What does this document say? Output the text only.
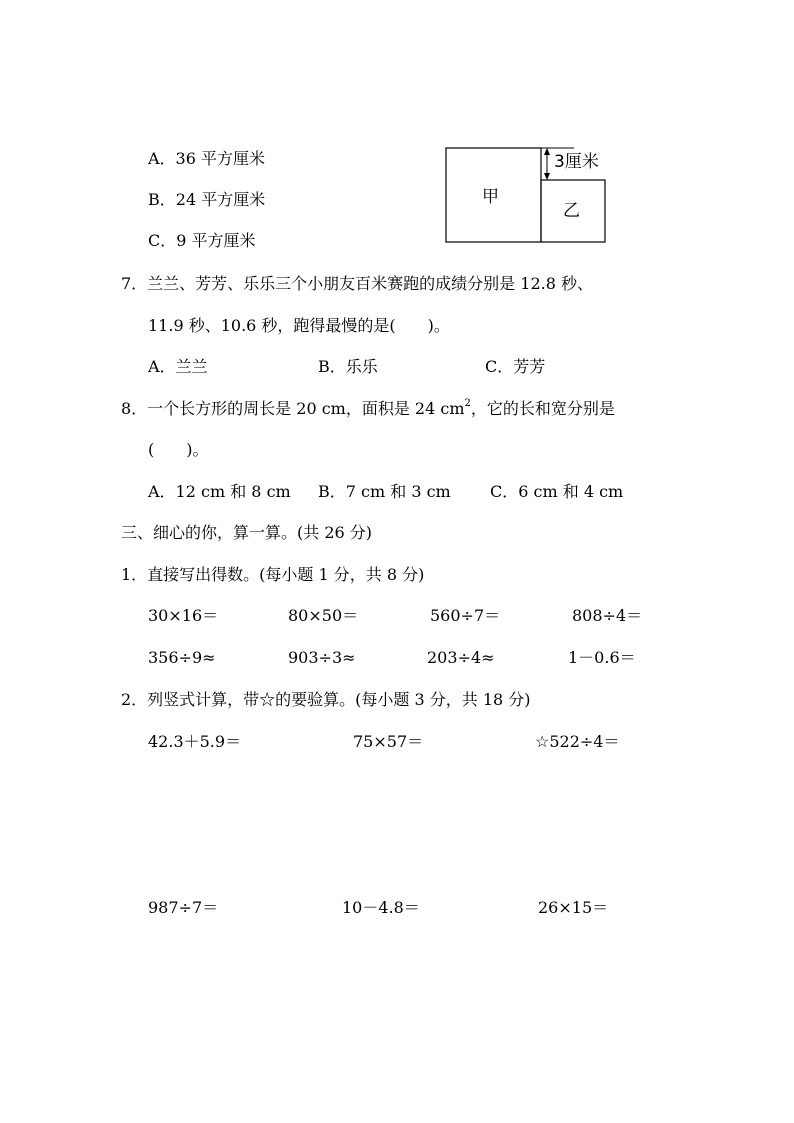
A．36 平方厘米
B．24 平方厘米
C．9 平方厘米
甲
乙
3厘米
7．兰兰、芳芳、乐乐三个小朋友百米赛跑的成绩分别是 12.8 秒、
11.9 秒、10.6 秒，跑得最慢的是(　　)。
A．兰兰	B．乐乐	C．芳芳
8．一个长方形的周长是 20 cm，面积是 24 $cm^2$，它的长和宽分别是
(　　)。
A．12 cm 和 8 cm B．7 cm 和 3 cm C．6 cm 和 4 cm
三、细心的你，算一算。(共 26 分)
1．直接写出得数。(每小题 1 分，共 8 分)
30×16＝	80×50＝	560÷7＝	808÷4＝
356÷9≈	903÷3≈	203÷4≈	1－0.6＝
2．列竖式计算，带☆的要验算。(每小题 3 分，共 18 分)
42.3＋5.9＝	75×57＝	☆522÷4＝
987÷7＝	10－4.8＝	26×15＝
